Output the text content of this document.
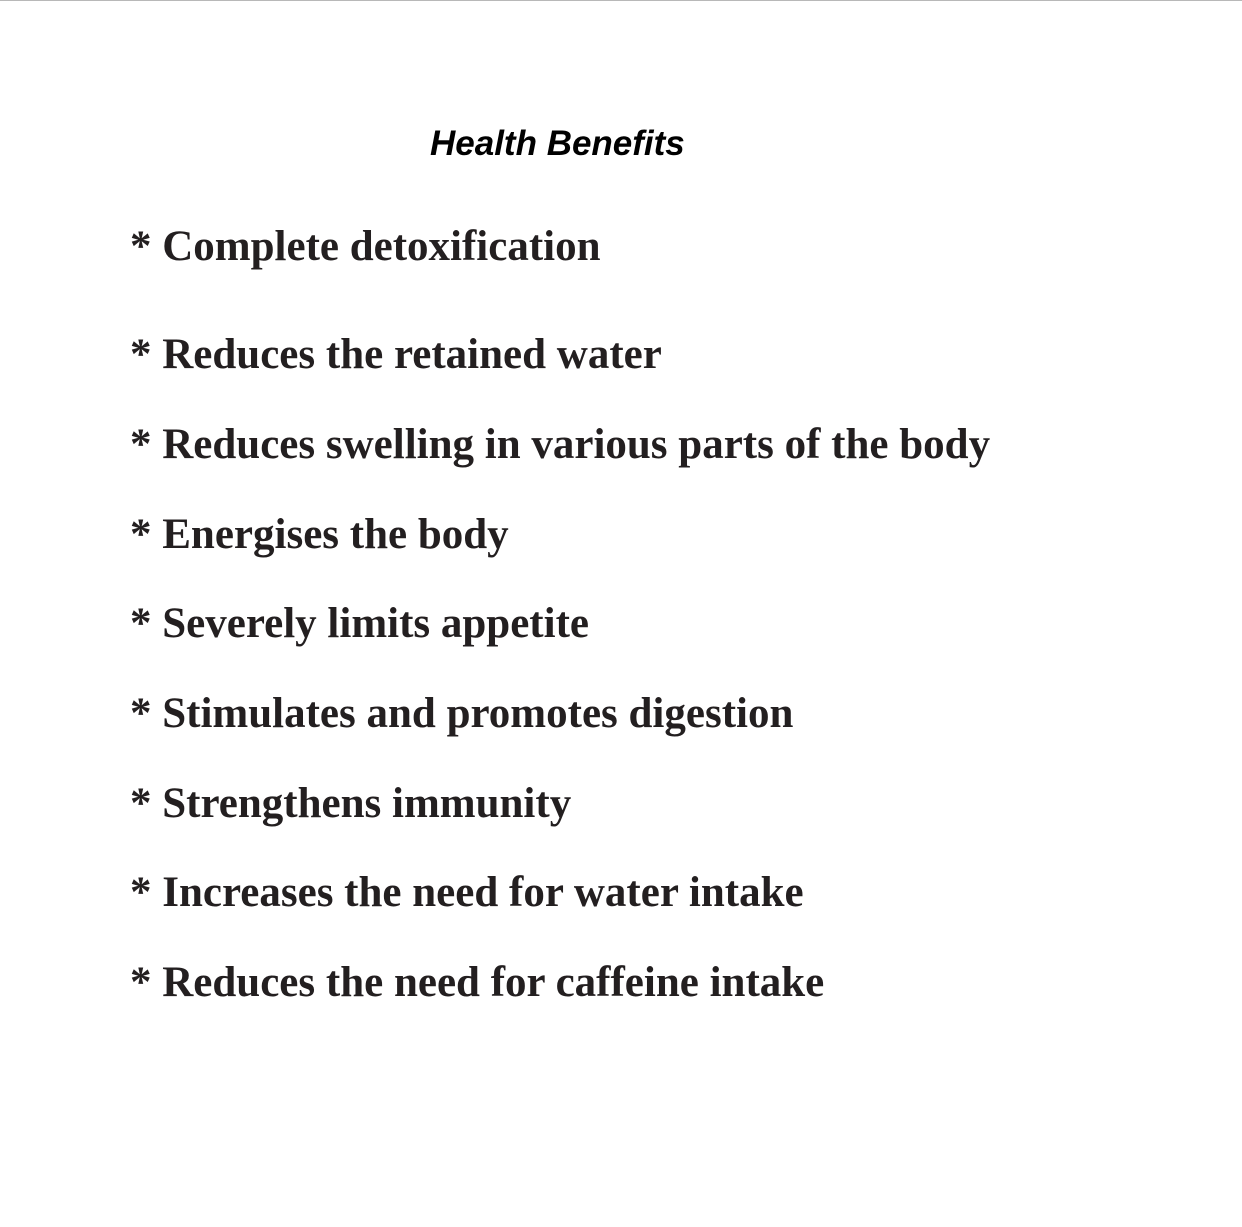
Health Benefits
* Complete detoxification
* Reduces the retained water
* Reduces swelling in various parts of the body
* Energises the body
* Severely limits appetite
* Stimulates and promotes digestion
* Strengthens immunity
* Increases the need for water intake
* Reduces the need for caffeine intake
